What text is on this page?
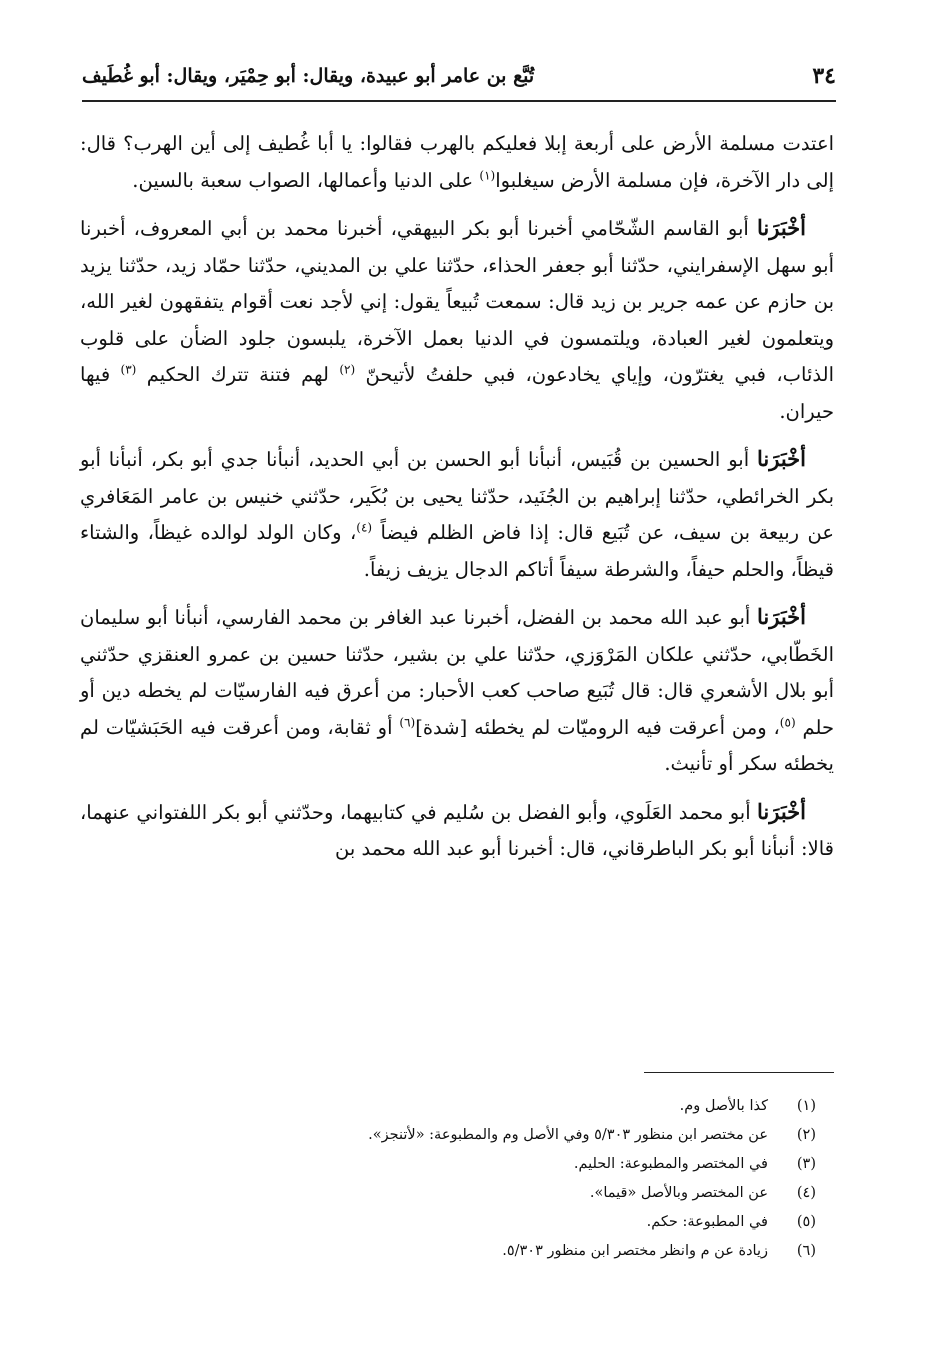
٣٤
تُبَّع بن عامر أبو عبيدة، ويقال: أبو حِمْيَر، ويقال: أبو غُطَيف

اعتدت مسلمة الأرض على أربعة إبلا فعليكم بالهرب فقالوا: يا أبا غُطيف إلى أين الهرب؟ قال: إلى دار الآخرة، فإن مسلمة الأرض سيغلبوا$^{(١)}$ على الدنيا وأعمالها، الصواب سعبة بالسين.

أخْبَرَنا أبو القاسم الشّحّامي أخبرنا أبو بكر البيهقي، أخبرنا محمد بن أبي المعروف، أخبرنا أبو سهل الإسفرايني، حدّثنا أبو جعفر الحذاء، حدّثنا علي بن المديني، حدّثنا حمّاد زيد، حدّثنا يزيد بن حازم عن عمه جرير بن زيد قال: سمعت تُبيعاً يقول: إني لأجد نعت أقوام يتفقهون لغير الله، ويتعلمون لغير العبادة، ويلتمسون في الدنيا بعمل الآخرة، يلبسون جلود الضأن على قلوب الذئاب، فبي يغترّون، وإياي يخادعون، فبي حلفتُ لأتيحنّ $^{(٢)}$ لهم فتنة تترك الحكيم $^{(٣)}$ فيها حيران.

أخْبَرَنا أبو الحسين بن قُبَيس، أنبأنا أبو الحسن بن أبي الحديد، أنبأنا جدي أبو بكر، أنبأنا أبو بكر الخرائطي، حدّثنا إبراهيم بن الجُنَيد، حدّثنا يحيى بن بُكَير، حدّثني خنيس بن عامر المَعَافري عن ربيعة بن سيف، عن تُبَيع قال: إذا فاض الظلم فيضاً $^{(٤)}$، وكان الولد لوالده غيظاً، والشتاء قيظاً، والحلم حيفاً، والشرطة سيفاً أتاكم الدجال يزيف زيفاً.

أخْبَرَنا أبو عبد الله محمد بن الفضل، أخبرنا عبد الغافر بن محمد الفارسي، أنبأنا أبو سليمان الخَطّابي، حدّثني علكان المَرْوَزي، حدّثنا علي بن بشير، حدّثنا حسين بن عمرو العنقزي حدّثني أبو بلال الأشعري قال: قال تُبَيع صاحب كعب الأحبار: من أعرق فيه الفارسيّات لم يخطه دين أو حلم $^{(٥)}$، ومن أعرقت فيه الروميّات لم يخطئه [شدة]$^{(٦)}$ أو ثقابة، ومن أعرقت فيه الحَبَشيّات لم يخطئه سكر أو تأنيث.

أخْبَرَنا أبو محمد العَلَوي، وأبو الفضل بن سُليم في كتابيهما، وحدّثني أبو بكر اللفتواني عنهما، قالا: أنبأنا أبو بكر الباطرقاني، قال: أخبرنا أبو عبد الله محمد بن

(١)
كذا بالأصل وم.
(٢)
عن مختصر ابن منظور ٥/٣٠٣ وفي الأصل وم والمطبوعة: «لأتنجز».
(٣)
في المختصر والمطبوعة: الحليم.
(٤)
عن المختصر وبالأصل «قيما».
(٥)
في المطبوعة: حكم.
(٦)
زيادة عن م وانظر مختصر ابن منظور ٥/٣٠٣.
